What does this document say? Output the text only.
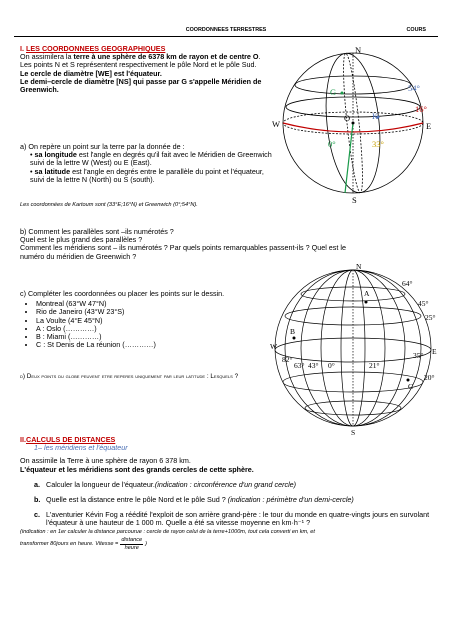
COORDONNEES TERRESTRES	COURS
I. LES COORDONNEES GEOGRAPHIQUES
On assimilera la terre à une sphère de 6378 km de rayon et de centre O.
Les points N et S représentent respectivement le pôle Nord et le pôle Sud.
Le cercle de diamètre [WE] est l'équateur.
Le demi–cercle de diamètre [NS] qui passe par G s'appelle Méridien de Greenwich.
a) On repère un point sur la terre par la donnée de :
• sa longitude est l'angle en degrés qu'il fait avec le Méridien de Greenwich suivi de la lettre W (West) ou E (East).
• sa latitude est l'angle en degrés entre le parallèle du point et l'équateur, suivi de la lettre N (North) ou S (south).
Les coordonnées de Kartoum sont (33°E;16°N) et Greenwich (0°;54°N).
b) Comment les parallèles sont –ils numérotés ?
Quel est le plus grand des parallèles ?
Comment les méridiens sont – ils numérotés ? Par quels points remarquables passent-ils ? Quel est le numéro du méridien de Greenwich ?
c) Compléter les coordonnées ou placer les points sur le dessin.
• Montreal (63°W 47°N)
• Rio de Janeiro (43°W 23°S)
• La Voulte (4°E 45°N)
• A : Oslo (…………)
• B : Miami (…………)
• C : St Denis de La réunion (…………)
d) Deux points du globe peuvent etre reperes uniquement par leur latitude : Lesquels ?
N
S
W	E
G
O	K
54°
16°
0°	33°
N
S
W
E
A
B
C
64°
45°
25°
35°
20°
82°
63° 43° 0°	21°
II.CALCULS DE DISTANCES
1– les méridiens et l'équateur
On assimile la Terre à une sphère de rayon 6 378 km.
L'équateur et les méridiens sont des grands cercles de cette sphère.
a. Calculer la longueur de l'équateur.(indication : circonférence d'un grand cercle)
b. Quelle est la distance entre le pôle Nord et le pôle Sud ? (indication : périmètre d'un demi-cercle)
c. L'aventurier Kévin Fog a réédité l'exploit de son arrière grand-père : le tour du monde en quatre-vingts jours en survolant l'équateur à une hauteur de 1 000 m. Quelle a été sa vitesse moyenne en km·h⁻¹ ?
(indication : en 1er calculer la distance parcourue : cercle de rayon celui de la terre+1000m, tout cela converti en km, et
transformer 80jours en heure. Vitesse =
distance
heure
)
